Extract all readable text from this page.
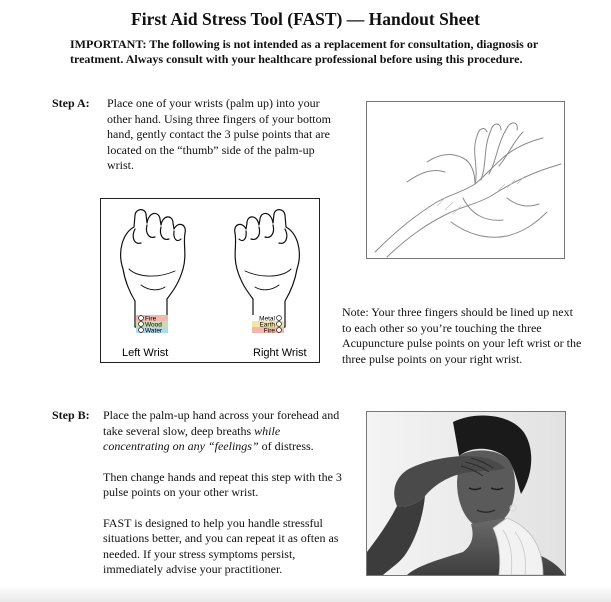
First Aid Stress Tool (FAST) — Handout Sheet
IMPORTANT: The following is not intended as a replacement for consultation, diagnosis or treatment. Always consult with your healthcare professional before using this procedure.
Step A: Place one of your wrists (palm up) into your other hand. Using three fingers of your bottom hand, gently contact the 3 pulse points that are located on the “thumb” side of the palm-up wrist.
Fire
Wood
Water
Metal
Earth
Fire
Left Wrist	Right Wrist
Note: Your three fingers should be lined up next to each other so you’re touching the three Acupuncture pulse points on your left wrist or the three pulse points on your right wrist.
Step B: Place the palm-up hand across your forehead and take several slow, deep breaths while concentrating on any “feelings” of distress.

Then change hands and repeat this step with the 3 pulse points on your other wrist.

FAST is designed to help you handle stressful situations better, and you can repeat it as often as needed. If your stress symptoms persist, immediately advise your practitioner.
